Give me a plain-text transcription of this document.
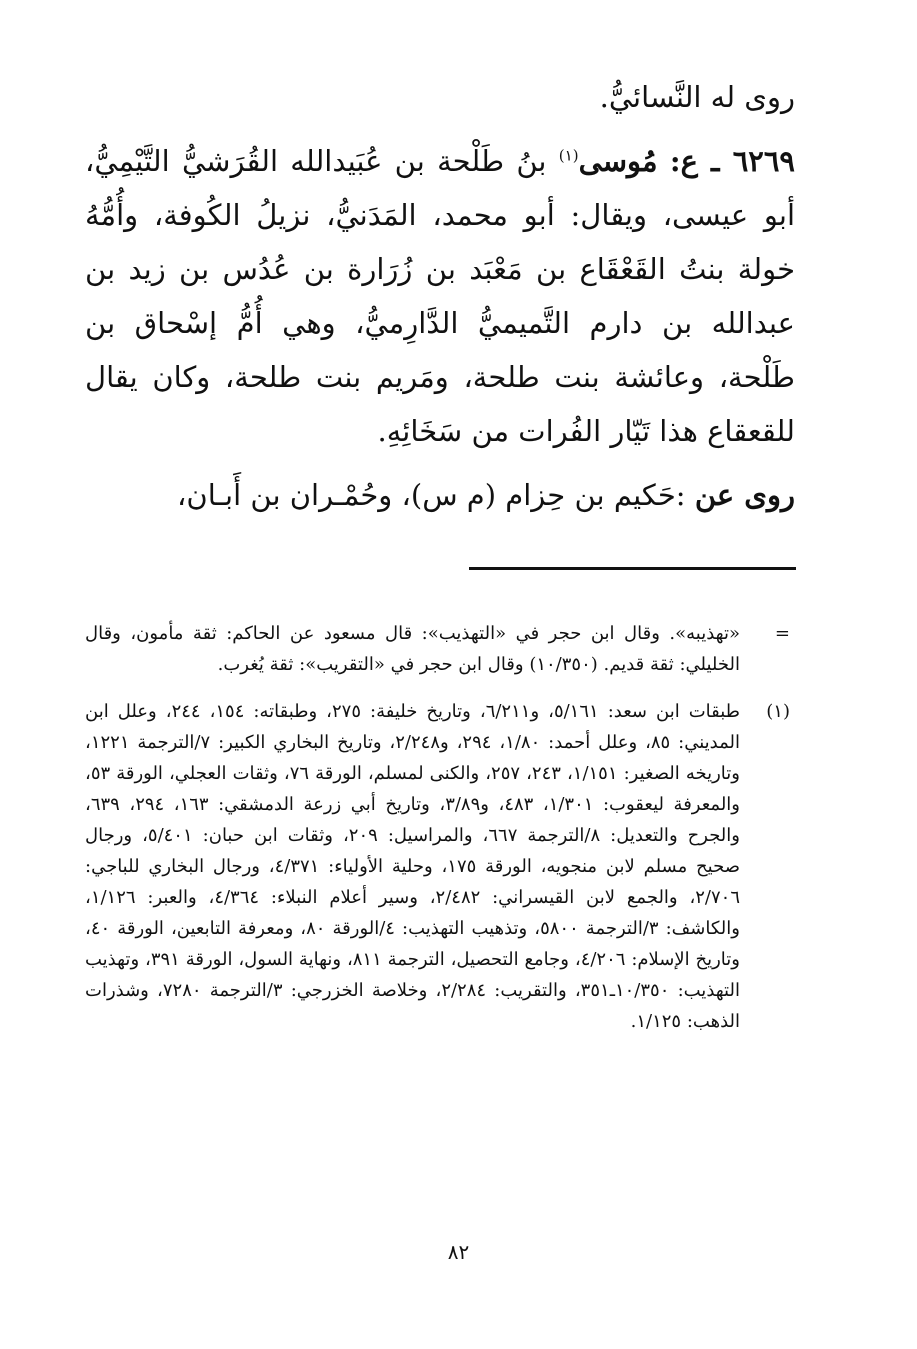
روى له النَّسائيُّ.

٦٢٦٩ ـ ع: مُوسى$^{(١)}$ بنُ طَلْحة بن عُبَيدالله القُرَشيُّ التَّيْمِيُّ، أبو عيسى، ويقال: أبو محمد، المَدَنيُّ، نزيلُ الكُوفة، وأُمُّهُ خولة بنتُ القَعْقَاع بن مَعْبَد بن زُرَارة بن عُدُس بن زيد بن عبدالله بن دارم التَّميميُّ الدَّارِميُّ، وهي أُمُّ إسْحاق بن طَلْحة، وعائشة بنت طلحة، ومَريم بنت طلحة، وكان يقال للقعقاع هذا تَيّار الفُرات من سَخَائِهِ.

روى عن :حَكيم بن حِزام (م س)، وحُمْـران بن أَبـان،

=
«تهذيبه». وقال ابن حجر في «التهذيب»: قال مسعود عن الحاكم: ثقة مأمون، وقال الخليلي: ثقة قديم. (١٠/٣٥٠) وقال ابن حجر في «التقريب»: ثقة يُغرب.

(١)
طبقات ابن سعد: ٥/١٦١، و٦/٢١١، وتاريخ خليفة: ٢٧٥، وطبقاته: ١٥٤، ٢٤٤، وعلل ابن المديني: ٨٥، وعلل أحمد: ١/٨٠، ٢٩٤، و٢/٢٤٨، وتاريخ البخاري الكبير: ٧/الترجمة ١٢٢١، وتاريخه الصغير: ١/١٥١، ٢٤٣، ٢٥٧، والكنى لمسلم، الورقة ٧٦، وثقات العجلي، الورقة ٥٣، والمعرفة ليعقوب: ١/٣٠١، ٤٨٣، و٣/٨٩، وتاريخ أبي زرعة الدمشقي: ١٦٣، ٢٩٤، ٦٣٩، والجرح والتعديل: ٨/الترجمة ٦٦٧، والمراسيل: ٢٠٩، وثقات ابن حبان: ٥/٤٠١، ورجال صحيح مسلم لابن منجويه، الورقة ١٧٥، وحلية الأولياء: ٤/٣٧١، ورجال البخاري للباجي: ٢/٧٠٦، والجمع لابن القيسراني: ٢/٤٨٢، وسير أعلام النبلاء: ٤/٣٦٤، والعبر: ١/١٢٦، والكاشف: ٣/الترجمة ٥٨٠٠، وتذهيب التهذيب: ٤/الورقة ٨٠، ومعرفة التابعين، الورقة ٤٠، وتاريخ الإسلام: ٤/٢٠٦، وجامع التحصيل، الترجمة ٨١١، ونهاية السول، الورقة ٣٩١، وتهذيب التهذيب: ١٠/٣٥٠ـ٣٥١، والتقريب: ٢/٢٨٤، وخلاصة الخزرجي: ٣/الترجمة ٧٢٨٠، وشذرات الذهب: ١/١٢٥.

٨٢
